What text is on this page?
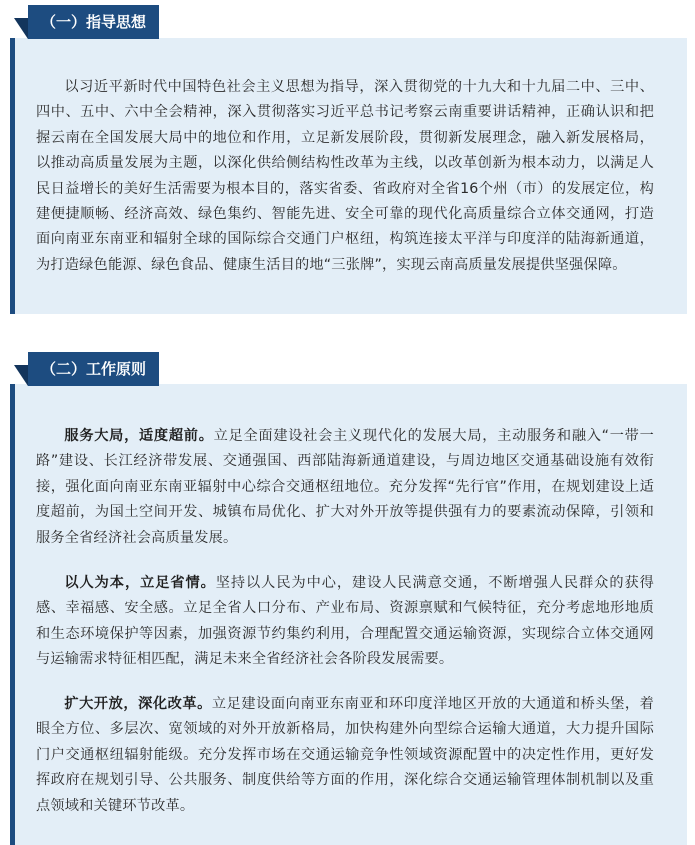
（一）指导思想

以习近平新时代中国特色社会主义思想为指导，深入贯彻党的十九大和十九届二中、三中、四中、五中、六中全会精神，深入贯彻落实习近平总书记考察云南重要讲话精神，正确认识和把握云南在全国发展大局中的地位和作用，立足新发展阶段，贯彻新发展理念，融入新发展格局，以推动高质量发展为主题，以深化供给侧结构性改革为主线，以改革创新为根本动力，以满足人民日益增长的美好生活需要为根本目的，落实省委、省政府对全省16个州（市）的发展定位，构建便捷顺畅、经济高效、绿色集约、智能先进、安全可靠的现代化高质量综合立体交通网，打造面向南亚东南亚和辐射全球的国际综合交通门户枢纽，构筑连接太平洋与印度洋的陆海新通道，为打造绿色能源、绿色食品、健康生活目的地“三张牌”，实现云南高质量发展提供坚强保障。

（二）工作原则

服务大局，适度超前。立足全面建设社会主义现代化的发展大局，主动服务和融入“一带一路”建设、长江经济带发展、交通强国、西部陆海新通道建设，与周边地区交通基础设施有效衔接，强化面向南亚东南亚辐射中心综合交通枢纽地位。充分发挥“先行官”作用，在规划建设上适度超前，为国土空间开发、城镇布局优化、扩大对外开放等提供强有力的要素流动保障，引领和服务全省经济社会高质量发展。

以人为本，立足省情。坚持以人民为中心，建设人民满意交通，不断增强人民群众的获得感、幸福感、安全感。立足全省人口分布、产业布局、资源禀赋和气候特征，充分考虑地形地质和生态环境保护等因素，加强资源节约集约利用，合理配置交通运输资源，实现综合立体交通网与运输需求特征相匹配，满足未来全省经济社会各阶段发展需要。

扩大开放，深化改革。立足建设面向南亚东南亚和环印度洋地区开放的大通道和桥头堡，着眼全方位、多层次、宽领域的对外开放新格局，加快构建外向型综合运输大通道，大力提升国际门户交通枢纽辐射能级。充分发挥市场在交通运输竞争性领域资源配置中的决定性作用，更好发挥政府在规划引导、公共服务、制度供给等方面的作用，深化综合交通运输管理体制机制以及重点领域和关键环节改革。
